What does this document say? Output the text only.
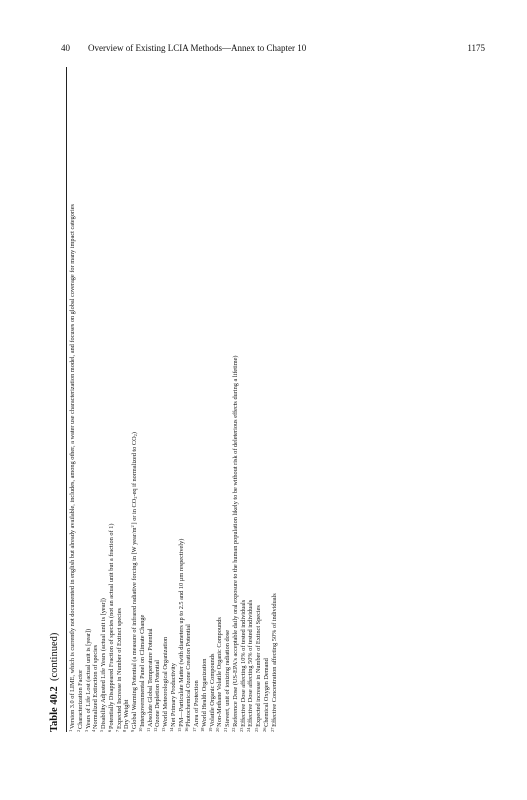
40 Overview of Existing LCIA Methods—Annex to Chapter 10	1175
Table 40.2  (continued)
$^1$Version 3.0 of LIME, which is currently not documented in english but already available, includes, among other, a water use characterization model, and focuses on global coverage for many impact categories
$^2$Characterization Factor
$^3$Years of Life Lost (actual unit is [year])
$^4$Normalized Extinction of species
$^5$Disability Adjusted Life Years (actual unit is [year])
$^6$Potentially Disappeared Fraction of species (not an actual unit but a fraction of 1)
$^7$Expected Increase in Number of Extinct species
$^8$Dry Weight
$^9$Global Warming Potential (a measure of infrared radiative forcing in [W year/$m^2$] or in $CO_2-eq$ if normalized to $CO_2$)
$^{10}$Intergovernmental Panel on Climate Change
$^{11}$Absolute Global Temperature Potential
$^{12}$Ozone Depletion Potential
$^{13}$World Meteorological Organization
$^{14}$Net Primary Productivity
$^{15}$PM—Particulate Matter (with diameters up to 2.5 and 10 µm respectively)
$^{16}$Photochemical Ozone Creation Potential
$^{17}$Area of Protection
$^{18}$World Health Organization
$^{19}$Volatile Organic Compounds
$^{20}$Non-Methane Volatile Organic Compounds
$^{21}$Sievert, unit of ionizing radiation dose
$^{22}$Reference Dose (US-EPA's acceptable daily oral exposure to the human population likely to be without risk of deleterious effects during a lifetime)
$^{23}$Effective Dose affecting 10% of tested individuals
$^{24}$Effective Dose affecting 50% of tested individuals
$^{25}$Expected increase in Number of Extinct Species
$^{26}$Chemical Oxygen Demand
$^{27}$Effective Concentration affecting 50% of individuals
